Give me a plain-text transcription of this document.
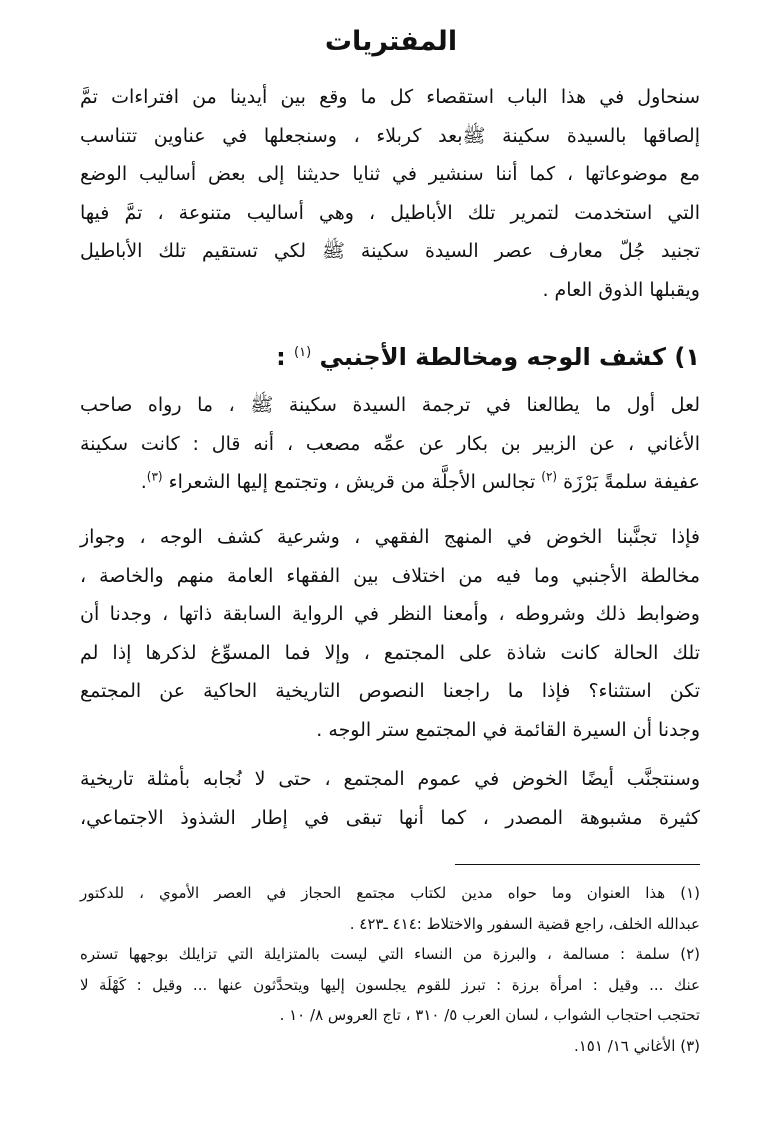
المفتريات

سنحاول في هذا الباب استقصاء كل ما وقع بين أيدينا من افتراءات تمَّ
إلصاقها بالسيدة سكينة ﷺبعد كربلاء ، وسنجعلها في عناوين تتناسب
مع موضوعاتها ، كما أننا سنشير في ثنايا حديثنا إلى بعض أساليب الوضع
التي استخدمت لتمرير تلك الأباطيل ، وهي أساليب متنوعة ، تمَّ فيها
تجنيد جُلّ معارف عصر السيدة سكينة ﷺ لكي تستقيم تلك الأباطيل
ويقبلها الذوق العام .

١) كشف الوجه ومخالطة الأجنبي $^{(١)}$ :

لعل أول ما يطالعنا في ترجمة السيدة سكينة ﷺ ، ما رواه صاحب
الأغاني ، عن الزبير بن بكار عن عمِّه مصعب ، أنه قال : كانت سكينة
عفيفة سلمةً بَرْزَة $^{(٢)}$ تجالس الأجلَّة من قريش ، وتجتمع إليها الشعراء $^{(٣)}$.

فإذا تجنَّبنا الخوض في المنهج الفقهي ، وشرعية كشف الوجه ، وجواز
مخالطة الأجنبي وما فيه من اختلاف بين الفقهاء العامة منهم والخاصة ،
وضوابط ذلك وشروطه ، وأمعنا النظر في الرواية السابقة ذاتها ، وجدنا أن
تلك الحالة كانت شاذة على المجتمع ، وإلا فما المسوِّغ لذكرها إذا لم
تكن استثناء؟ فإذا ما راجعنا النصوص التاريخية الحاكية عن المجتمع
وجدنا أن السيرة القائمة في المجتمع ستر الوجه .

وسنتجنَّب أيضًا الخوض في عموم المجتمع ، حتى لا نُجابه بأمثلة تاريخية
كثيرة مشبوهة المصدر ، كما أنها تبقى في إطار الشذوذ الاجتماعي،

(١) هذا العنوان وما حواه مدين لكتاب مجتمع الحجاز في العصر الأموي ، للدكتور
عبدالله الخلف، راجع قضية السفور والاختلاط :٤١٤ ـ٤٢٣ .
(٢) سلمة : مسالمة ، والبرزة من النساء التي ليست بالمتزايلة التي تزايلك بوجهها تستره
عنك ... وقيل : امرأة برزة : تبرز للقوم يجلسون إليها ويتحدَّثون عنها ... وقيل : كَهْلَة لا
تحتجب احتجاب الشواب ، لسان العرب ٥/ ٣١٠ ، تاج العروس ٨/ ١٠ .
(٣) الأغاني ١٦/ ١٥١.
